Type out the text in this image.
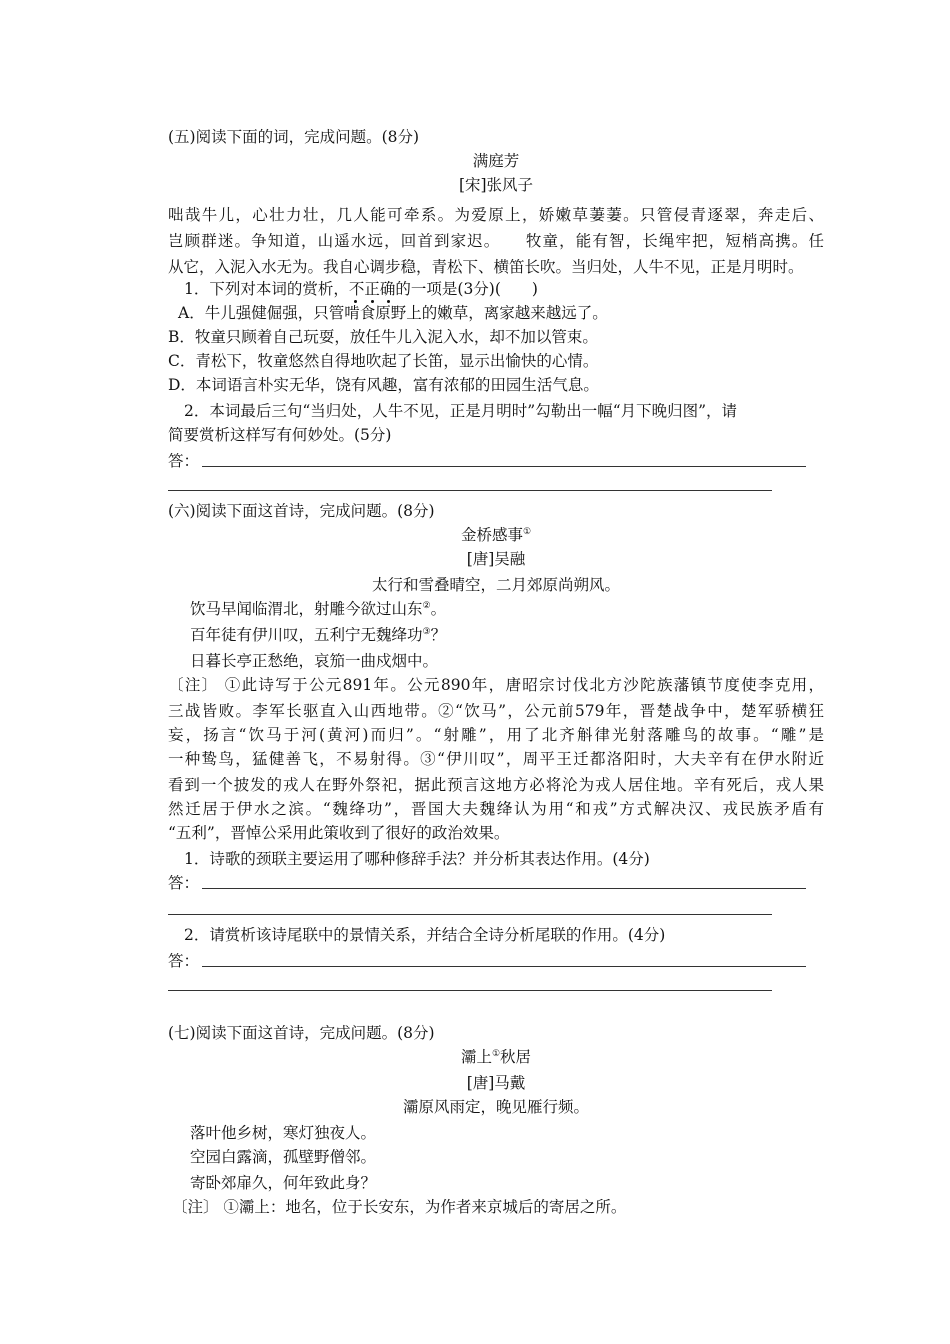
(五)阅读下面的词，完成问题。(8分)
满庭芳
[宋]张风子
咄哉牛儿，心壮力壮，几人能可牵系。为爱原上，娇嫩草萋萋。只管侵青逐翠，奔走后、
岂顾群迷。争知道，山遥水远，回首到家迟。　　牧童，能有智，长绳牢把，短梢高携。任
从它，入泥入水无为。我自心调步稳，青松下、横笛长吹。当归处，人牛不见，正是月明时。
1．下列对本词的赏析，不正确
的一项是(3分)(　　)
A．牛儿强健倔强，只管啃食原野上的嫩草，离家越来越远了。
B．牧童只顾着自己玩耍，放任牛儿入泥入水，却不加以管束。
C．青松下，牧童悠然自得地吹起了长笛，显示出愉快的心情。
D．本词语言朴实无华，饶有风趣，富有浓郁的田园生活气息。
2．本词最后三句“当归处，人牛不见，正是月明时”勾勒出一幅“月下晚归图”，请
简要赏析这样写有何妙处。(5分)
答：
(六)阅读下面这首诗，完成问题。(8分)
金桥感事①
[唐]吴融
太行和雪叠晴空，二月郊原尚朔风。
饮马早闻临渭北，射雕今欲过山东②。
百年徒有伊川叹，五利宁无魏绛功③？
日暮长亭正愁绝，哀笳一曲戍烟中。
〔注〕 ①此诗写于公元891年。公元890年，唐昭宗讨伐北方沙陀族藩镇节度使李克用，
三战皆败。李军长驱直入山西地带。②“饮马”，公元前579年，晋楚战争中，楚军骄横狂
妄，扬言“饮马于河(黄河)而归”。“射雕”，用了北齐斛律光射落雕鸟的故事。“雕”是
一种鸷鸟，猛健善飞，不易射得。③“伊川叹”，周平王迁都洛阳时，大夫辛有在伊水附近
看到一个披发的戎人在野外祭祀，据此预言这地方必将沦为戎人居住地。辛有死后，戎人果
然迁居于伊水之滨。“魏绛功”，晋国大夫魏绛认为用“和戎”方式解决汉、戎民族矛盾有
“五利”，晋悼公采用此策收到了很好的政治效果。
1．诗歌的颈联主要运用了哪种修辞手法？并分析其表达作用。(4分)
答：
2．请赏析该诗尾联中的景情关系，并结合全诗分析尾联的作用。(4分)
答：
(七)阅读下面这首诗，完成问题。(8分)
灞上①秋居
[唐]马戴
灞原风雨定，晚见雁行频。
落叶他乡树，寒灯独夜人。
空园白露滴，孤壁野僧邻。
寄卧郊扉久，何年致此身？
〔注〕 ①灞上：地名，位于长安东，为作者来京城后的寄居之所。
